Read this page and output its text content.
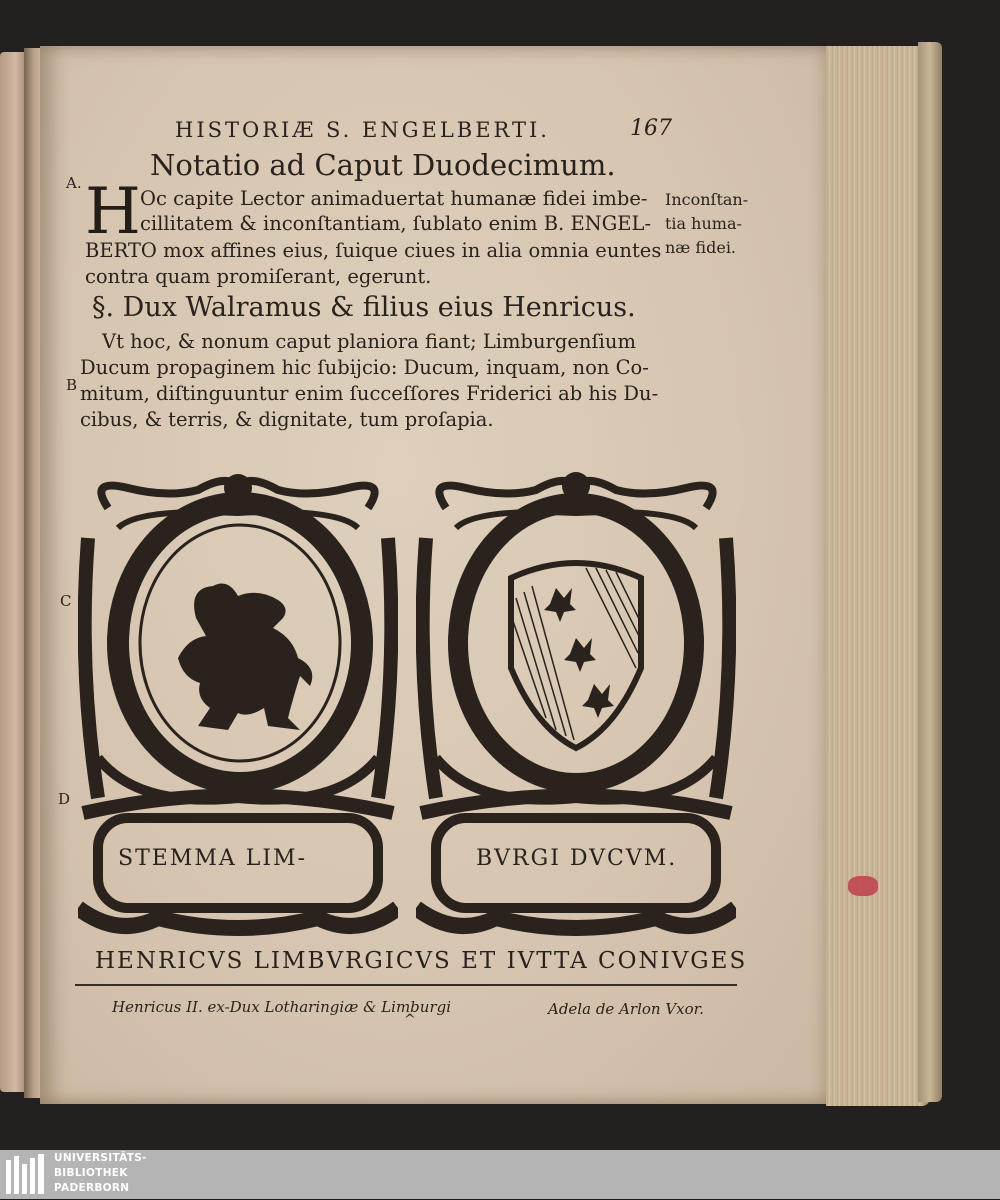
HISTORIÆ S. ENGELBERTI.	167
Notatio ad Caput Duodecimum.
A.
B
C
D
H Oc capite Lector animaduertat humanæ fidei imbe-
cillitatem & inconſtantiam, ſublato enim B. ENGEL-
BERTO mox affines eius, ſuique ciues in alia omnia euntes
contra quam promiſerant, egerunt.
Inconſtan-
tia huma-
næ fidei.
§. Dux Walramus & filius eius Henricus.
Vt hoc, & nonum caput planiora fiant; Limburgenſium
Ducum propaginem hic ſubijcio: Ducum, inquam, non Co-
mitum, diſtinguuntur enim ſucceſſores Friderici ab his Du-
cibus, & terris, & dignitate, tum proſapia.
STEMMA LIM-	BVRGI DVCVM.
HENRICVS LIMBVRGICVS ET IVTTA CONIVGES
Henricus II. ex-Dux Lotharingiæ & Limburgi	Adela de Arlon Vxor.
^
UNIVERSITÄTS-
BIBLIOTHEK
PADERBORN
